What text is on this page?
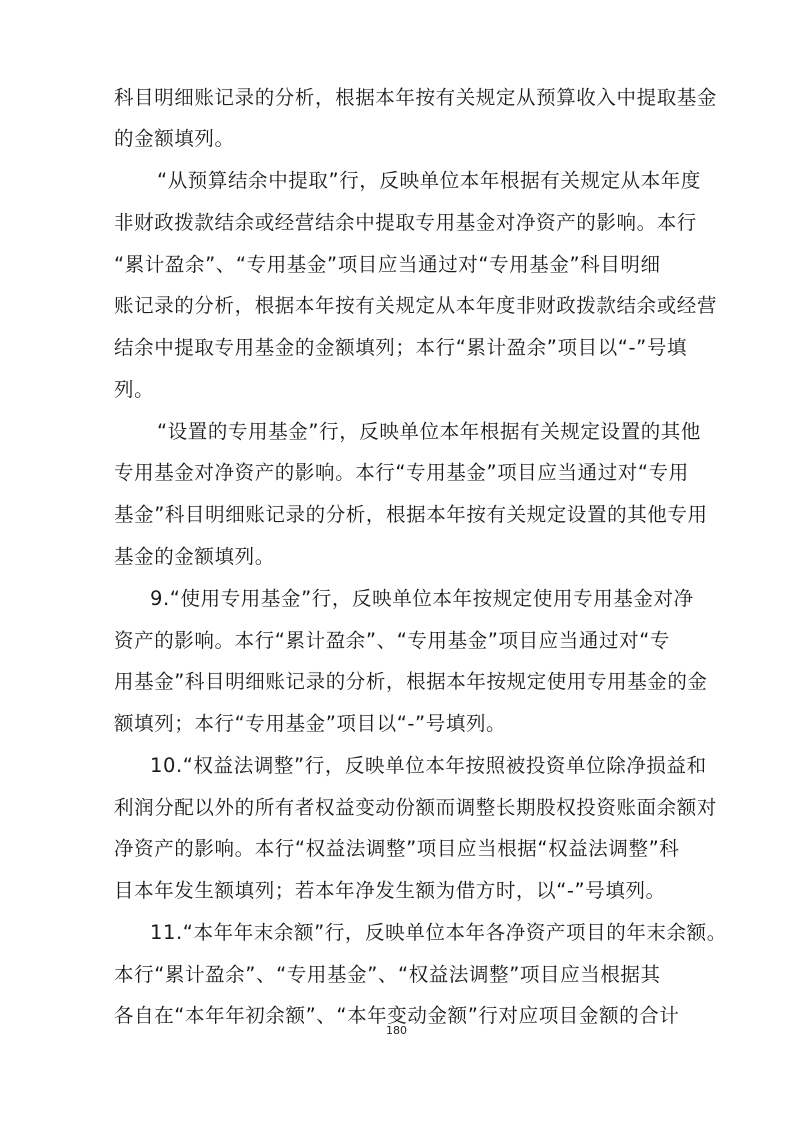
科目明细账记录的分析，根据本年按有关规定从预算收入中提取基金
的金额填列。
“从预算结余中提取”行，反映单位本年根据有关规定从本年度
非财政拨款结余或经营结余中提取专用基金对净资产的影响。本行
“累计盈余”、“专用基金”项目应当通过对“专用基金”科目明细
账记录的分析，根据本年按有关规定从本年度非财政拨款结余或经营
结余中提取专用基金的金额填列；本行“累计盈余”项目以“-”号填
列。
“设置的专用基金”行，反映单位本年根据有关规定设置的其他
专用基金对净资产的影响。本行“专用基金”项目应当通过对“专用
基金”科目明细账记录的分析，根据本年按有关规定设置的其他专用
基金的金额填列。
9.“使用专用基金”行，反映单位本年按规定使用专用基金对净
资产的影响。本行“累计盈余”、“专用基金”项目应当通过对“专
用基金”科目明细账记录的分析，根据本年按规定使用专用基金的金
额填列；本行“专用基金”项目以“-”号填列。
10.“权益法调整”行，反映单位本年按照被投资单位除净损益和
利润分配以外的所有者权益变动份额而调整长期股权投资账面余额对
净资产的影响。本行“权益法调整”项目应当根据“权益法调整”科
目本年发生额填列；若本年净发生额为借方时，以“-”号填列。
11.“本年年末余额”行，反映单位本年各净资产项目的年末余额。
本行“累计盈余”、“专用基金”、“权益法调整”项目应当根据其
各自在“本年年初余额”、“本年变动金额”行对应项目金额的合计
180
